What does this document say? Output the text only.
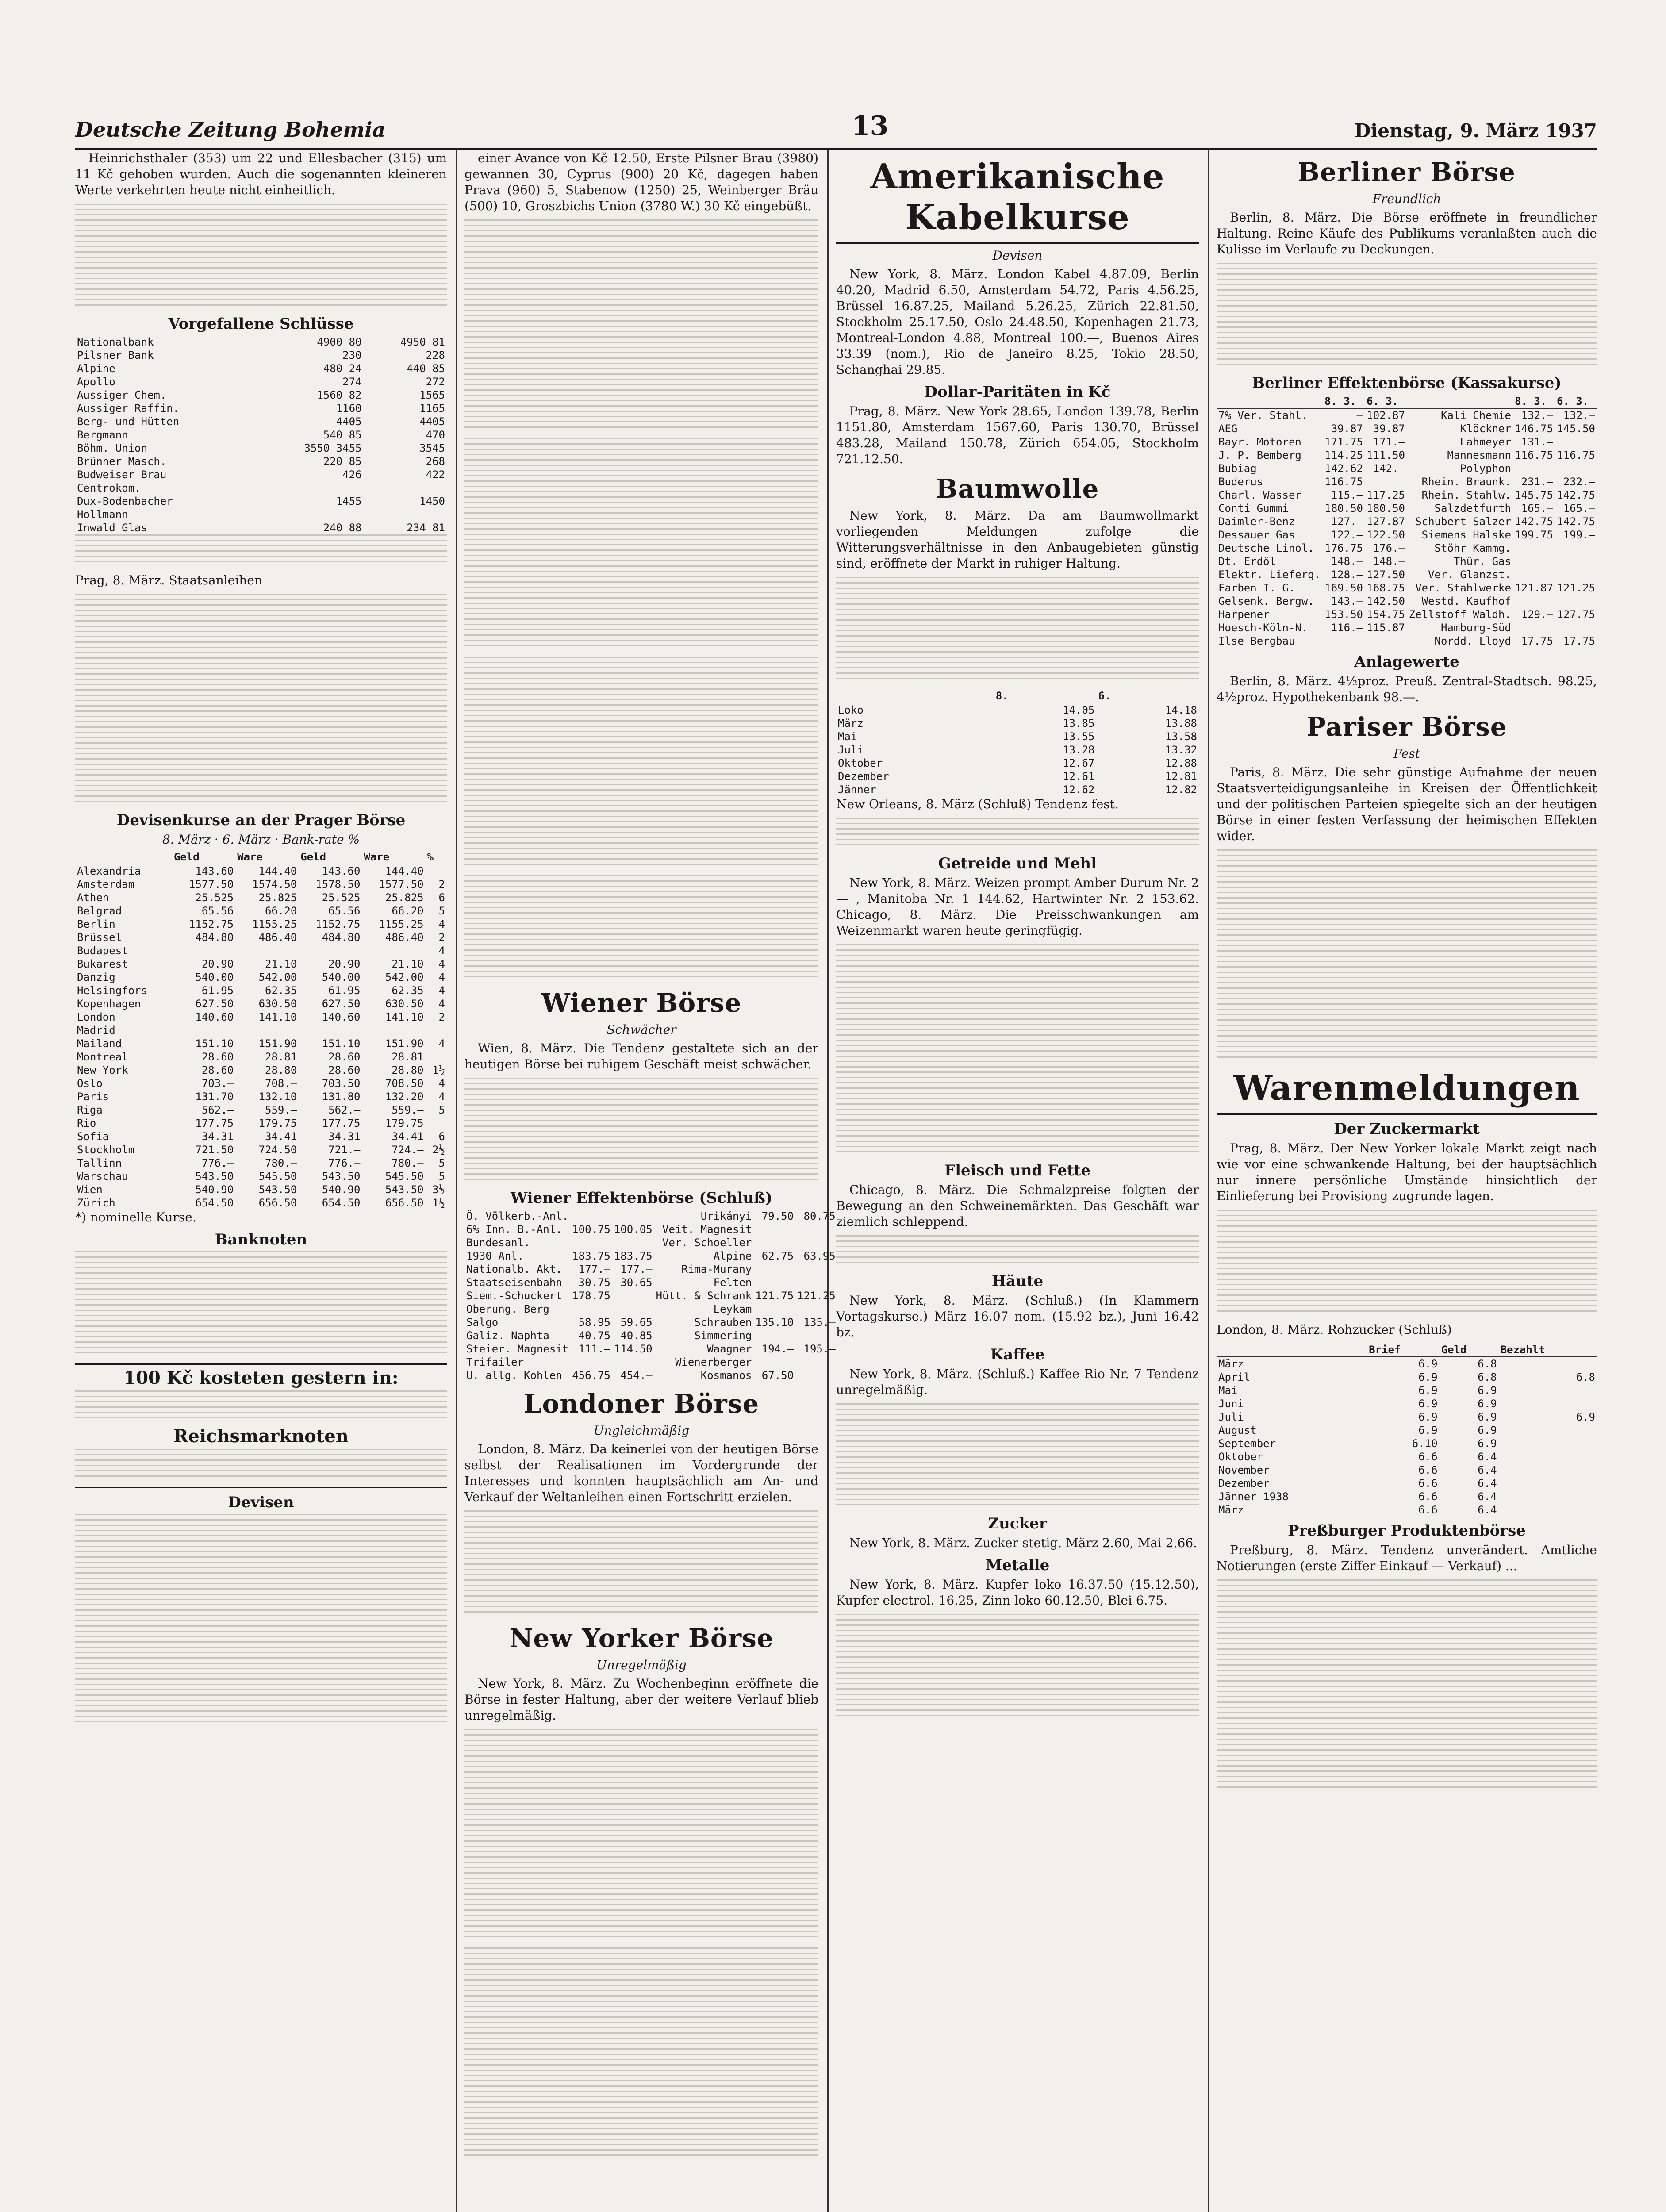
Deutsche Zeitung Bohemia	13	Dienstag, 9. März 1937

Heinrichsthaler (353) um 22 und Ellesbacher (315) um 11 Kč gehoben wurden. Auch die sogenannten kleineren Werte verkehrten heute nicht einheitlich.

Vorgefallene Schlüsse
Nationalbank	4900 80	4950 81
Pilsner Bank	230	228
Alpine	480 24	440 85
Apollo	274	272
Aussiger Chem.	1560 82	1565
Aussiger Raffin.	1160	1165
Berg- und Hütten	4405	4405
Bergmann	540 85	470
Böhm. Union	3550 3455	3545
Brünner Masch.	220 85	268
Budweiser Brau	426	422
Centrokom.		
Dux-Bodenbacher	1455	1450
Hollmann		
Inwald Glas	240 88	234 81

Prag, 8. März. Staatsanleihen

Devisenkurse an der Prager Börse
8. März · 6. März · Bank-rate %
	Geld	Ware	Geld	Ware	%
Alexandria	143.60	144.40	143.60	144.40	
Amsterdam	1577.50	1574.50	1578.50	1577.50	2
Athen	25.525	25.825	25.525	25.825	6
Belgrad	65.56	66.20	65.56	66.20	5
Berlin	1152.75	1155.25	1152.75	1155.25	4
Brüssel	484.80	486.40	484.80	486.40	2
Budapest					4
Bukarest	20.90	21.10	20.90	21.10	4
Danzig	540.00	542.00	540.00	542.00	4
Helsingfors	61.95	62.35	61.95	62.35	4
Kopenhagen	627.50	630.50	627.50	630.50	4
London	140.60	141.10	140.60	141.10	2
Madrid					
Mailand	151.10	151.90	151.10	151.90	4
Montreal	28.60	28.81	28.60	28.81	
New York	28.60	28.80	28.60	28.80	1½
Oslo	703.—	708.—	703.50	708.50	4
Paris	131.70	132.10	131.80	132.20	4
Riga	562.—	559.—	562.—	559.—	5
Rio	177.75	179.75	177.75	179.75	
Sofia	34.31	34.41	34.31	34.41	6
Stockholm	721.50	724.50	721.—	724.—	2½
Tallinn	776.—	780.—	776.—	780.—	5
Warschau	543.50	545.50	543.50	545.50	5
Wien	540.90	543.50	540.90	543.50	3½
Zürich	654.50	656.50	654.50	656.50	1½

*) nominelle Kurse.

Banknoten
100 Kč kosteten gestern in:
Reichsmarknoten
Devisen

einer Avance von Kč 12.50, Erste Pilsner Brau (3980) gewannen 30, Cyprus (900) 20 Kč, dagegen haben Prava (960) 5, Stabenow (1250) 25, Weinberger Bräu (500) 10, Groszbichs Union (3780 W.) 30 Kč eingebüßt.

Wiener Börse
Schwächer

Wien, 8. März. Die Tendenz gestaltete sich an der heutigen Börse bei ruhigem Geschäft meist schwächer.

Wiener Effektenbörse (Schluß)
Ö. Völkerb.-Anl.			Urikányi	79.50	80.75
6% Inn. B.-Anl.	100.75	100.05	Veit. Magnesit		
Bundesanl.			Ver. Schoeller		
1930 Anl.	183.75	183.75	Alpine	62.75	63.95
Nationalb. Akt.	177.—	177.—	Rima-Murany		
Staatseisenbahn	30.75	30.65	Felten		
Siem.-Schuckert	178.75		Hütt. & Schrank	121.75	121.25
Oberung. Berg			Leykam		
Salgo	58.95	59.65	Schrauben	135.10	135.—
Galiz. Naphta	40.75	40.85	Simmering		
Steier. Magnesit	111.—	114.50	Waagner	194.—	195.—
Trifailer			Wienerberger		
U. allg. Kohlen	456.75	454.—	Kosmanos	67.50	
Londoner Börse
Ungleichmäßig

London, 8. März. Da keinerlei von der heutigen Börse selbst der Realisationen im Vordergrunde der Interesses und konnten hauptsächlich am An- und Verkauf der Weltanleihen einen Fortschritt erzielen.

New Yorker Börse
Unregelmäßig

New York, 8. März. Zu Wochenbeginn eröffnete die Börse in fester Haltung, aber der weitere Verlauf blieb unregelmäßig.

Amerikanische Kabelkurse
Devisen

New York, 8. März. London Kabel 4.87.09, Berlin 40.20, Madrid 6.50, Amsterdam 54.72, Paris 4.56.25, Brüssel 16.87.25, Mailand 5.26.25, Zürich 22.81.50, Stockholm 25.17.50, Oslo 24.48.50, Kopenhagen 21.73, Montreal-London 4.88, Montreal 100.—, Buenos Aires 33.39 (nom.), Rio de Janeiro 8.25, Tokio 28.50, Schanghai 29.85.

Dollar-Paritäten in Kč

Prag, 8. März. New York 28.65, London 139.78, Berlin 1151.80, Amsterdam 1567.60, Paris 130.70, Brüssel 483.28, Mailand 150.78, Zürich 654.05, Stockholm 721.12.50.

Baumwolle

New York, 8. März. Da am Baumwollmarkt vorliegenden Meldungen zufolge die Witterungsverhältnisse in den Anbaugebieten günstig sind, eröffnete der Markt in ruhiger Haltung.

	8.	6.
Loko	14.05	14.18
März	13.85	13.88
Mai	13.55	13.58
Juli	13.28	13.32
Oktober	12.67	12.88
Dezember	12.61	12.81
Jänner	12.62	12.82

New Orleans, 8. März (Schluß) Tendenz fest.

Getreide und Mehl

New York, 8. März. Weizen prompt Amber Durum Nr. 2 — , Manitoba Nr. 1 144.62, Hartwinter Nr. 2 153.62. Chicago, 8. März. Die Preisschwankungen am Weizenmarkt waren heute geringfügig.

Fleisch und Fette

Chicago, 8. März. Die Schmalzpreise folgten der Bewegung an den Schweinemärkten. Das Geschäft war ziemlich schleppend.

Häute

New York, 8. März. (Schluß.) (In Klammern Vortagskurse.) März 16.07 nom. (15.92 bz.), Juni 16.42 bz.

Kaffee

New York, 8. März. (Schluß.) Kaffee Rio Nr. 7 Tendenz unregelmäßig.

Zucker

New York, 8. März. Zucker stetig. März 2.60, Mai 2.66.

Metalle

New York, 8. März. Kupfer loko 16.37.50 (15.12.50), Kupfer electrol. 16.25, Zinn loko 60.12.50, Blei 6.75.

Berliner Börse
Freundlich

Berlin, 8. März. Die Börse eröffnete in freundlicher Haltung. Reine Käufe des Publikums veranlaßten auch die Kulisse im Verlaufe zu Deckungen.

Berliner Effektenbörse (Kassakurse)
	8. 3.	6. 3.		8. 3.	6. 3.
7% Ver. Stahl.	—	102.87	Kali Chemie	132.—	132.—
AEG	39.87	39.87	Klöckner	146.75	145.50
Bayr. Motoren	171.75	171.—	Lahmeyer	131.—	
J. P. Bemberg	114.25	111.50	Mannesmann	116.75	116.75
Bubiag	142.62	142.—	Polyphon		
Buderus	116.75		Rhein. Braunk.	231.—	232.—
Charl. Wasser	115.—	117.25	Rhein. Stahlw.	145.75	142.75
Conti Gummi	180.50	180.50	Salzdetfurth	165.—	165.—
Daimler-Benz	127.—	127.87	Schubert Salzer	142.75	142.75
Dessauer Gas	122.—	122.50	Siemens Halske	199.75	199.—
Deutsche Linol.	176.75	176.—	Stöhr Kammg.		
Dt. Erdöl	148.—	148.—	Thür. Gas		
Elektr. Lieferg.	128.—	127.50	Ver. Glanzst.		
Farben I. G.	169.50	168.75	Ver. Stahlwerke	121.87	121.25
Gelsenk. Bergw.	143.—	142.50	Westd. Kaufhof		
Harpener	153.50	154.75	Zellstoff Waldh.	129.—	127.75
Hoesch-Köln-N.	116.—	115.87	Hamburg-Süd		
Ilse Bergbau			Nordd. Lloyd	17.75	17.75
Anlagewerte

Berlin, 8. März. 4½proz. Preuß. Zentral-Stadtsch. 98.25, 4½proz. Hypothekenbank 98.—.

Pariser Börse
Fest

Paris, 8. März. Die sehr günstige Aufnahme der neuen Staatsverteidigungsanleihe in Kreisen der Öffentlichkeit und der politischen Parteien spiegelte sich an der heutigen Börse in einer festen Verfassung der heimischen Effekten wider.

Warenmeldungen
Der Zuckermarkt

Prag, 8. März. Der New Yorker lokale Markt zeigt nach wie vor eine schwankende Haltung, bei der hauptsächlich nur innere persönliche Umstände hinsichtlich der Einlieferung bei Provisiong zugrunde lagen.

London, 8. März. Rohzucker (Schluß)

	Brief	Geld	Bezahlt
März	6.9	6.8	
April	6.9	6.8	6.8
Mai	6.9	6.9	
Juni	6.9	6.9	
Juli	6.9	6.9	6.9
August	6.9	6.9	
September	6.10	6.9	
Oktober	6.6	6.4	
November	6.6	6.4	
Dezember	6.6	6.4	
Jänner 1938	6.6	6.4	
März	6.6	6.4	
Preßburger Produktenbörse

Preßburg, 8. März. Tendenz unverändert. Amtliche Notierungen (erste Ziffer Einkauf — Verkauf) ...
